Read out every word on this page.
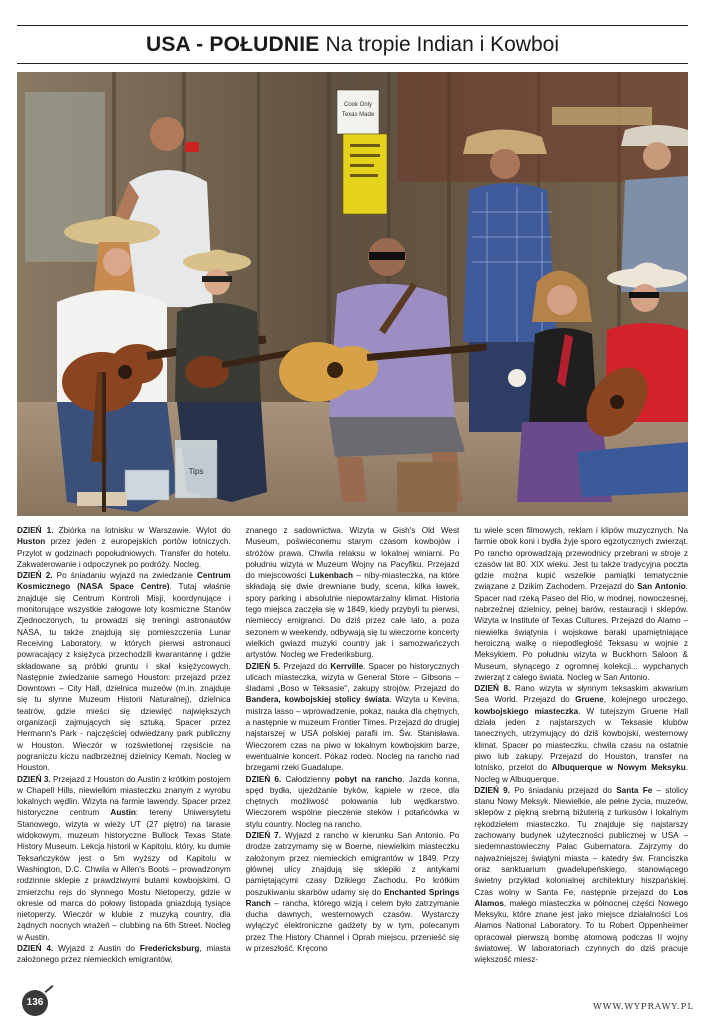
USA - POŁUDNIE Na tropie Indian i Kowboi
Cook Only
Texas Made
Tips

DZIEŃ 1. Zbiórka na lotnisku w Warszawie. Wylot do Huston przez jeden z europejskich portów lotniczych. Przylot w godzinach popołudniowych. Transfer do hotelu. Zakwaterowanie i odpoczynek po podróży. Nocleg.

DZIEŃ 2. Po śniadaniu wyjazd na zwiedzanie Centrum Kosmicznego (NASA Space Centre). Tutaj właśnie znajduje się Centrum Kontroli Misji, koordynujące i monitorujące wszystkie załogowe loty kosmiczne Stanów Zjednoczonych, tu prowadzi się treningi astronautów NASA, tu także znajdują się pomieszczenia Lunar Receiving Laboratory, w których pierwsi astronauci powracający z księżyca przechodzili kwarantannę i gdzie składowane są próbki gruntu i skał księżycowych. Następnie zwiedzanie samego Houston: przejazd przez Downtown – City Hall, dzielnica muzeów (m.in. znajduje się tu słynne Muzeum Historii Naturalnej), dzielnica teatrów, gdzie mieści się dziewięć największych organizacji zajmujących się sztuką. Spacer przez Hermann's Park - najczęściej odwiedzany park publiczny w Houston. Wieczór w rozświetlonej rzęsiście na pograniczu kiczu nadbrzeżnej dzielnicy Kemah. Nocleg w Houston.

DZIEŃ 3. Przejazd z Houston do Austin z krótkim postojem w Chapell Hills, niewielkim miasteczku znanym z wyrobu lokalnych wędlin. Wizyta na farmie lawendy. Spacer przez historyczne centrum Austin: tereny Uniwersytetu Stanowego, wizyta w wieży UT (27 piętro) na tarasie widokowym, muzeum historyczne Bullock Texas State History Museum. Lekcja historii w Kapitolu, który, ku dumie Teksańczyków jest o 5m wyższy od Kapitolu w Washington, D.C. Chwila w Allen's Boots – prowadzonym rodzinnie sklepie z prawdziwymi butami kowbojskimi. O zmierzchu rejs do słynnego Mostu Nietoperzy, gdzie w okresie od marca do połowy listopada gniazdują tysiące nietoperzy. Wieczór w klubie z muzyką country, dla żądnych nocnych wrażeń – clubbing na 6th Street. Nocleg w Austin.

DZIEŃ 4. Wyjazd z Austin do Fredericksburg, miasta założonego przez niemieckich emigrantów,

znanego z sadownictwa. Wizyta w Gish's Old West Museum, poświeconemu starym czasom kowbojów i stróżów prawa. Chwila relaksu w lokalnej winiarni. Po południu wizyta w Muzeum Wojny na Pacyfiku. Przejazd do miejscowości Lukenbach – niby-miasteczka, na które składają się dwie drewniane budy, scena, kilka ławek, spory parking i absolutnie niepowtarzalny klimat. Historia tego miejsca zaczęła się w 1849, kiedy przybyli tu pierwsi, niemieccy emigranci. Do dziś przez całe lato, a poza sezonem w weekendy, odbywają się tu wieczorne koncerty wielkich gwiazd muzyki country jak i samozwańczych artystów. Nocleg we Frederiksburg.

DZIEŃ 5. Przejazd do Kerrville. Spacer po historycznych ulicach miasteczka, wizyta w General Store – Gibsons – śladami „Boso w Teksasie", zakupy strojów. Przejazd do Bandera, kowbojskiej stolicy świata. Wizyta u Kevina, mistrza lasso – wprowadzenie, pokaz, nauka dla chętnych, a następnie w muzeum Frontier Times. Przejazd do drugiej najstarszej w USA polskiej parafii im. Św. Stanisława. Wieczorem czas na piwo w lokalnym kowbojskim barze, ewentualnie koncert. Pokaz rodeo. Nocleg na rancho nad brzegami rzeki Guadalupe.

DZIEŃ 6. Całodzienny pobyt na rancho. Jazda konna, spęd bydła, ujeżdżanie byków, kąpiele w rzece, dla chętnych możliwość polowania lub wędkarstwo. Wieczorem wspólne pieczenie steków i potańcówka w stylu country. Nocleg na rancho.

DZIEŃ 7. Wyjazd z rancho w kierunku San Antonio. Po drodze zatrzymamy się w Boerne, niewielkim miasteczku założonym przez niemieckich emigrantów w 1849. Przy głównej ulicy znajdują się sklepiki z antykami pamiętającymi czasy Dzikiego Zachodu. Po krótkim poszukiwaniu skarbów udamy się do Enchanted Springs Ranch – rancha, którego wizją i celem było zatrzymanie ducha dawnych, westernowych czasów. Wystarczy wyłączyć elektroniczne gadżety by w tym, polecanym przez The History Channel i Oprah miejscu, przenieść się w przeszłość. Kręcono

tu wiele scen filmowych, reklam i klipów muzycznych. Na farmie obok koni i bydła żyje sporo egzotycznych zwierząt. Po rancho oprowadzają przewodnicy przebrani w stroje z czasów lat 80. XIX wieku. Jest tu także tradycyjna poczta gdzie można kupić wszelkie pamiątki tematycznie związane z Dzikim Zachodem. Przejazd do San Antonio. Spacer nad rzeką Paseo del Rio, w modnej, nowoczesnej, nabrzeżnej dzielnicy, pełnej barów, restauracji i sklepów. Wizyta w Institute of Texas Cultures. Przejazd do Alamo – niewielka świątynia i wojskowe baraki upamiętniające heroiczną walkę o niepodległość Teksasu w wojnie z Meksykiem. Po południu wizyta w Buckhorn Saloon & Museum, słynącego z ogromnej kolekcji... wypchanych zwierząt z całego świata. Nocleg w San Antonio.

DZIEŃ 8. Rano wizyta w słynnym teksaskim akwarium Sea World. Przejazd do Gruene, kolejnego uroczego, kowbojskiego miasteczka. W tutejszym Gruene Hall działa jeden z najstarszych w Teksasie klubów tanecznych, utrzymujący do dziś kowbojski, westernowy klimat. Spacer po miasteczku, chwila czasu na ostatnie piwo lub zakupy. Przejazd do Houston, transfer na lotnisko, przelot do Albuquerque w Nowym Meksyku. Nocleg w Albuquerque.

DZIEŃ 9. Po śniadaniu przejazd do Santa Fe – stolicy stanu Nowy Meksyk. Niewielkie, ale pełne życia, muzeów, sklepów z piękną srebrną biżuterią z turkusów i lokalnym rękodziełem miasteczko. Tu znajduje się najstarszy zachowany budynek użyteczności publicznej w USA – siedemnastowieczny Pałac Gubernatora. Zajrzymy do najważniejszej świątyni miasta – katedry św. Franciszka oraz sanktuarium gwadelupeńskiego, stanowiącego świetny przykład kolonialnej architektury hiszpańskiej. Czas wolny w Santa Fe, następnie przejazd do Los Alamos, małego miasteczka w północnej części Nowego Meksyku, które znane jest jako miejsce działalności Los Alamos National Laboratory. To tu Robert Oppenheimer opracował pierwszą bombę atomową podczas II wojny światowej. W laboratoriach czynnych do dziś pracuje większość miesz-

136	WWW.WYPRAWY.PL
